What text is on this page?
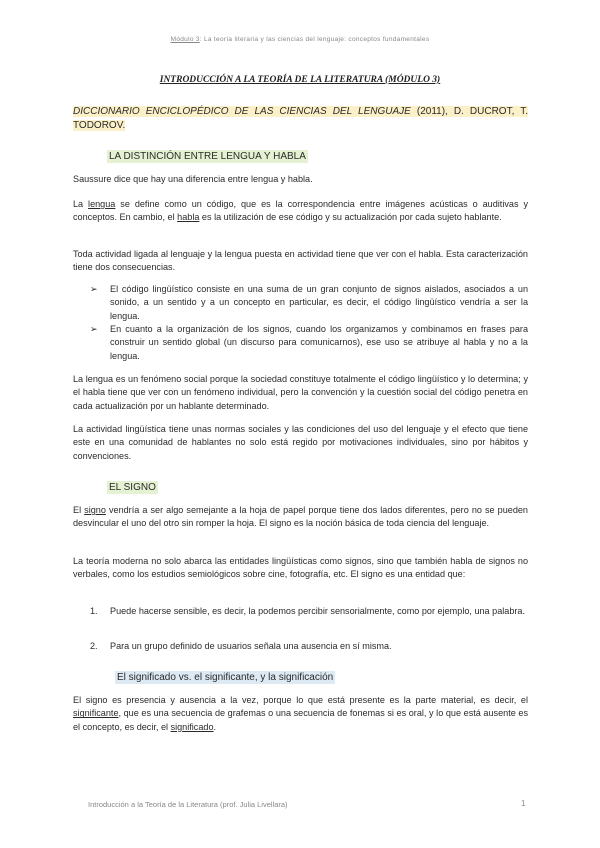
Módulo 3: La teoría literaria y las ciencias del lenguaje: conceptos fundamentales
INTRODUCCIÓN A LA TEORÍA DE LA LITERATURA (MÓDULO 3)
DICCIONARIO ENCICLOPÉDICO DE LAS CIENCIAS DEL LENGUAJE (2011), D. DUCROT, T. TODOROV.
LA DISTINCIÓN ENTRE LENGUA Y HABLA
Saussure dice que hay una diferencia entre lengua y habla.
La lengua se define como un código, que es la correspondencia entre imágenes acústicas o auditivas y conceptos. En cambio, el habla es la utilización de ese código y su actualización por cada sujeto hablante.
Toda actividad ligada al lenguaje y la lengua puesta en actividad tiene que ver con el habla. Esta caracterización tiene dos consecuencias.
➢ El código lingüístico consiste en una suma de un gran conjunto de signos aislados, asociados a un sonido, a un sentido y a un concepto en particular, es decir, el código lingüístico vendría a ser la lengua.
➢ En cuanto a la organización de los signos, cuando los organizamos y combinamos en frases para construir un sentido global (un discurso para comunicarnos), ese uso se atribuye al habla y no a la lengua.
La lengua es un fenómeno social porque la sociedad constituye totalmente el código lingüístico y lo determina; y el habla tiene que ver con un fenómeno individual, pero la convención y la cuestión social del código penetra en cada actualización por un hablante determinado.
La actividad lingüística tiene unas normas sociales y las condiciones del uso del lenguaje y el efecto que tiene este en una comunidad de hablantes no solo está regido por motivaciones individuales, sino por hábitos y convenciones.
EL SIGNO
El signo vendría a ser algo semejante a la hoja de papel porque tiene dos lados diferentes, pero no se pueden desvincular el uno del otro sin romper la hoja. El signo es la noción básica de toda ciencia del lenguaje.
La teoría moderna no solo abarca las entidades lingüísticas como signos, sino que también habla de signos no verbales, como los estudios semiológicos sobre cine, fotografía, etc. El signo es una entidad que:
1. Puede hacerse sensible, es decir, la podemos percibir sensorialmente, como por ejemplo, una palabra.
2. Para un grupo definido de usuarios señala una ausencia en sí misma.
El significado vs. el significante, y la significación
El signo es presencia y ausencia a la vez, porque lo que está presente es la parte material, es decir, el significante, que es una secuencia de grafemas o una secuencia de fonemas si es oral, y lo que está ausente es el concepto, es decir, el significado.
Introducción a la Teoría de la Literatura (prof. Julia Livellara)	1
